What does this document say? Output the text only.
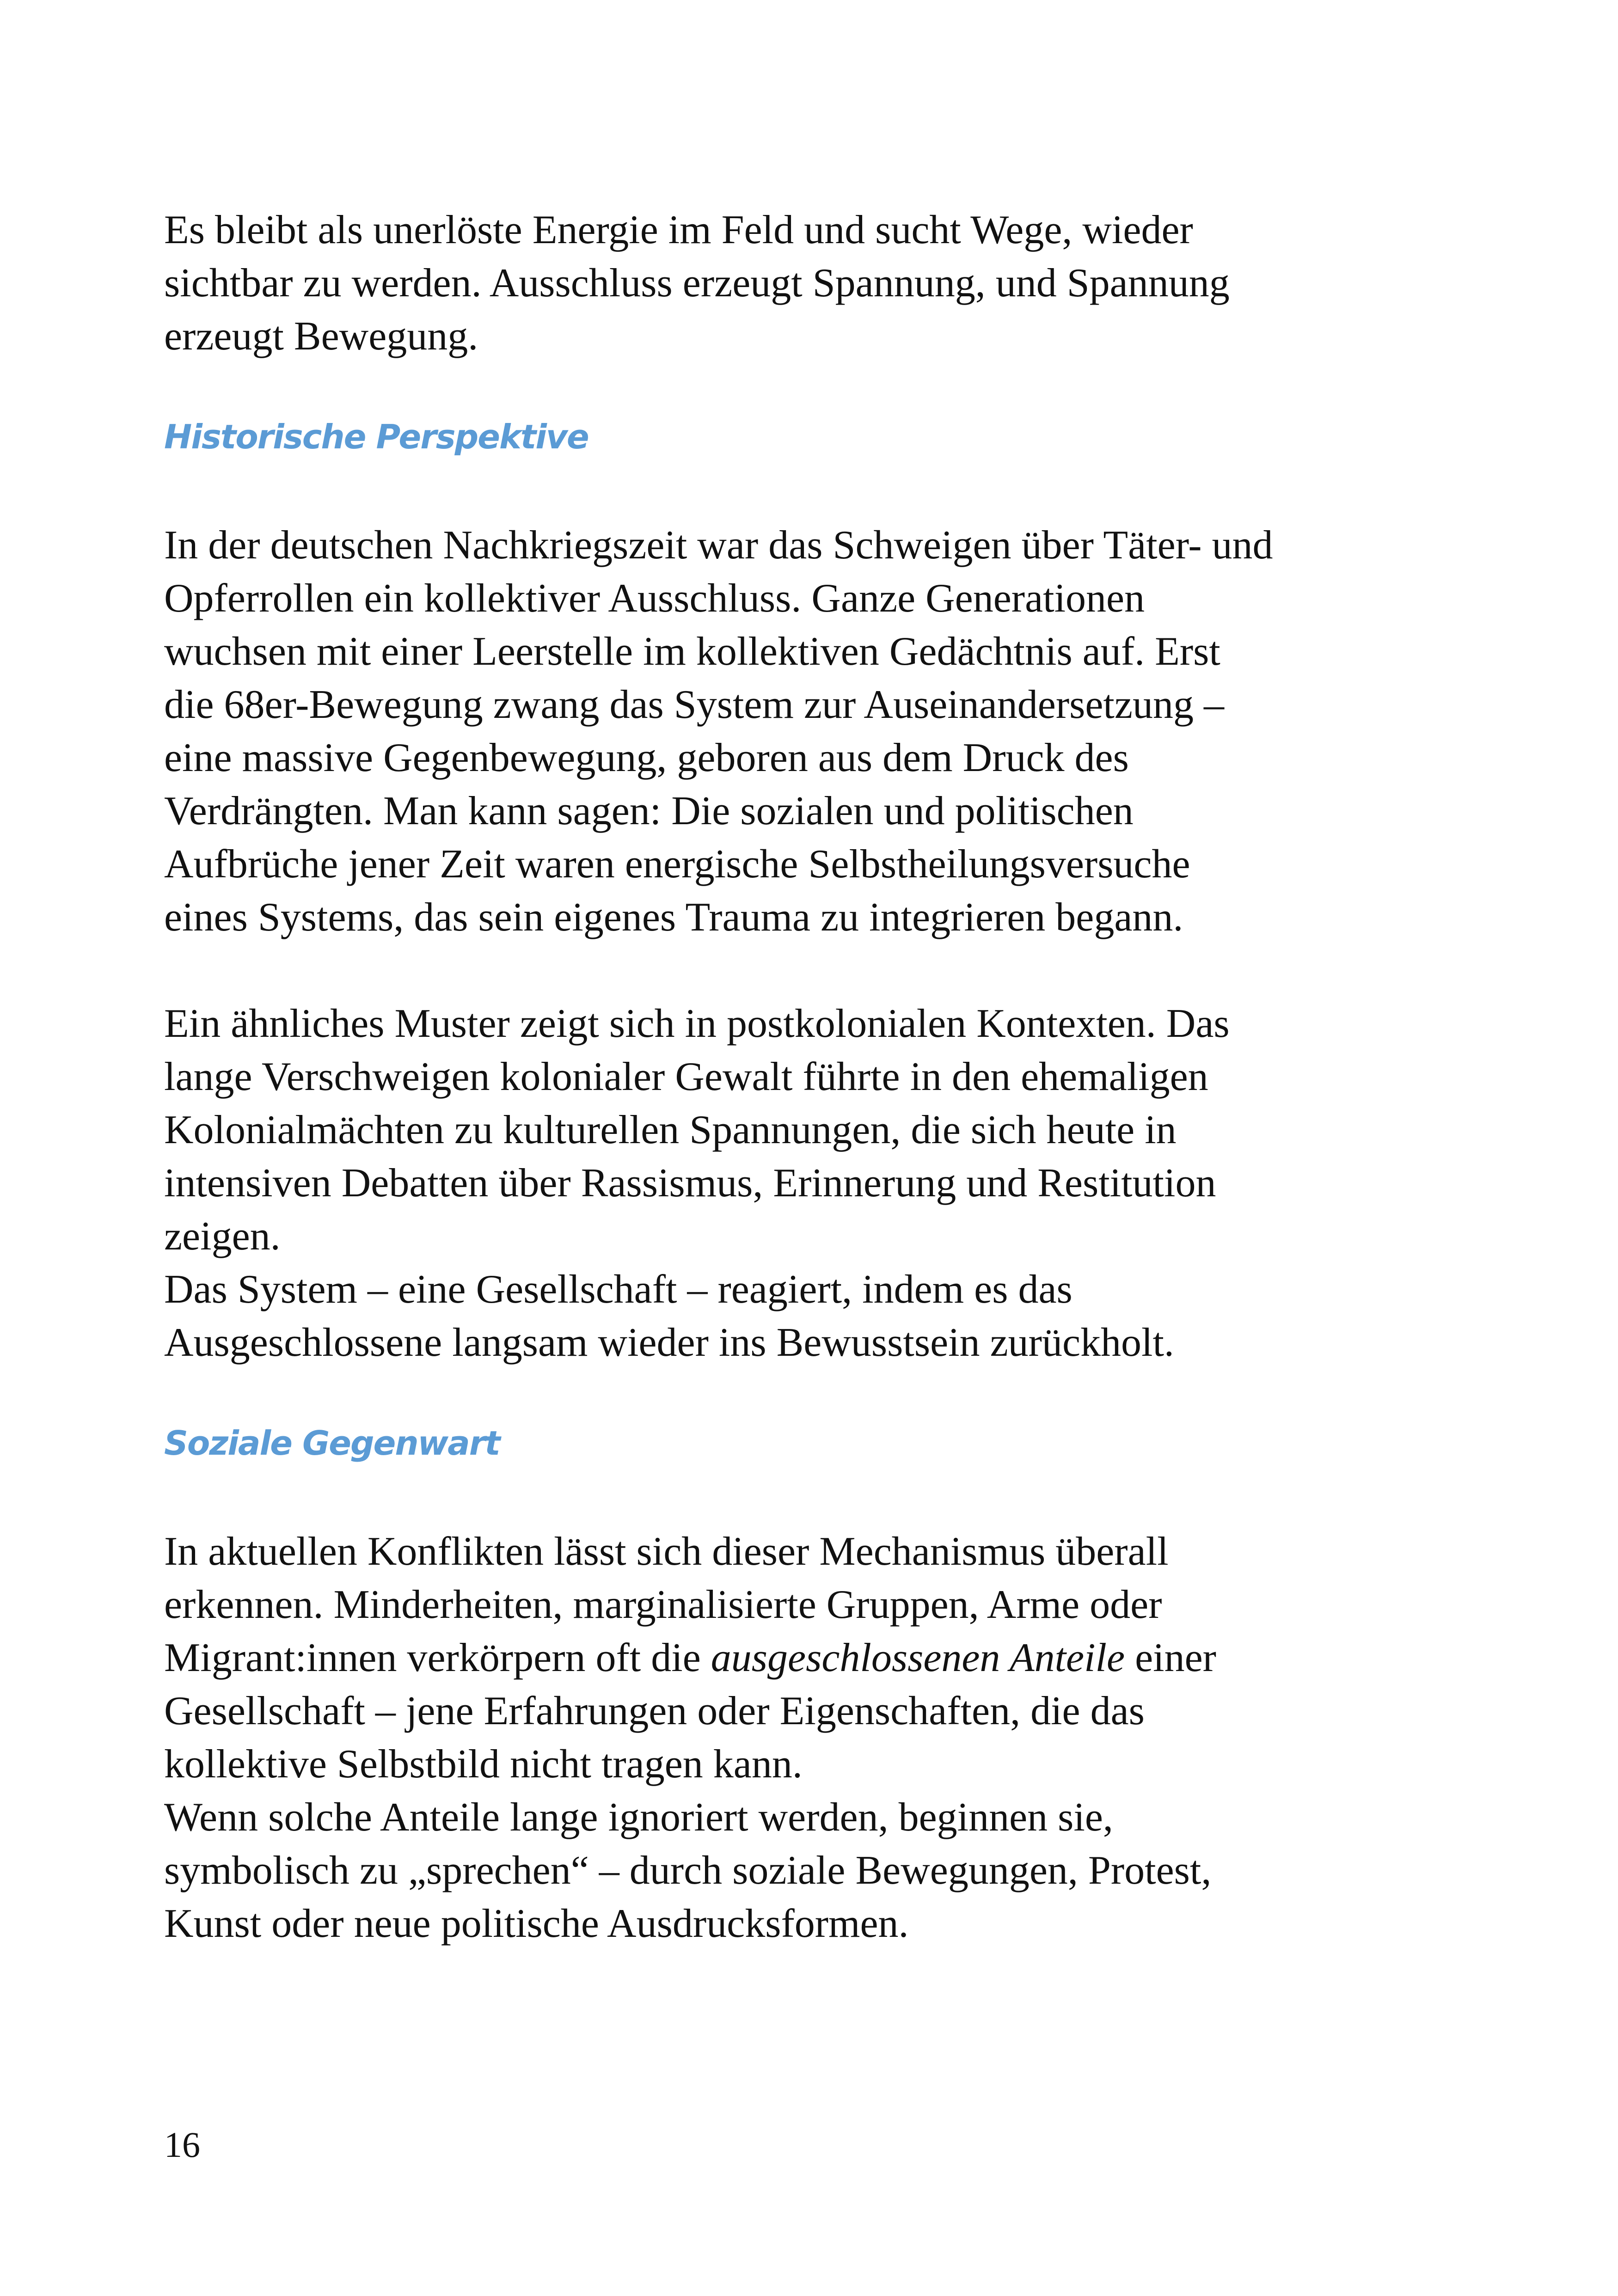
Es bleibt als unerlöste Energie im Feld und sucht Wege, wieder
sichtbar zu werden. Ausschluss erzeugt Spannung, und Spannung
erzeugt Bewegung.

Historische Perspektive

In der deutschen Nachkriegszeit war das Schweigen über Täter- und
Opferrollen ein kollektiver Ausschluss. Ganze Generationen
wuchsen mit einer Leerstelle im kollektiven Gedächtnis auf. Erst
die 68er-Bewegung zwang das System zur Auseinandersetzung –
eine massive Gegenbewegung, geboren aus dem Druck des
Verdrängten. Man kann sagen: Die sozialen und politischen
Aufbrüche jener Zeit waren energische Selbstheilungsversuche
eines Systems, das sein eigenes Trauma zu integrieren begann.

Ein ähnliches Muster zeigt sich in postkolonialen Kontexten. Das
lange Verschweigen kolonialer Gewalt führte in den ehemaligen
Kolonialmächten zu kulturellen Spannungen, die sich heute in
intensiven Debatten über Rassismus, Erinnerung und Restitution
zeigen.
Das System – eine Gesellschaft – reagiert, indem es das
Ausgeschlossene langsam wieder ins Bewusstsein zurückholt.

Soziale Gegenwart

In aktuellen Konflikten lässt sich dieser Mechanismus überall
erkennen. Minderheiten, marginalisierte Gruppen, Arme oder
Migrant:innen verkörpern oft die ausgeschlossenen Anteile einer
Gesellschaft – jene Erfahrungen oder Eigenschaften, die das
kollektive Selbstbild nicht tragen kann.
Wenn solche Anteile lange ignoriert werden, beginnen sie,
symbolisch zu „sprechen“ – durch soziale Bewegungen, Protest,
Kunst oder neue politische Ausdrucksformen.

16
